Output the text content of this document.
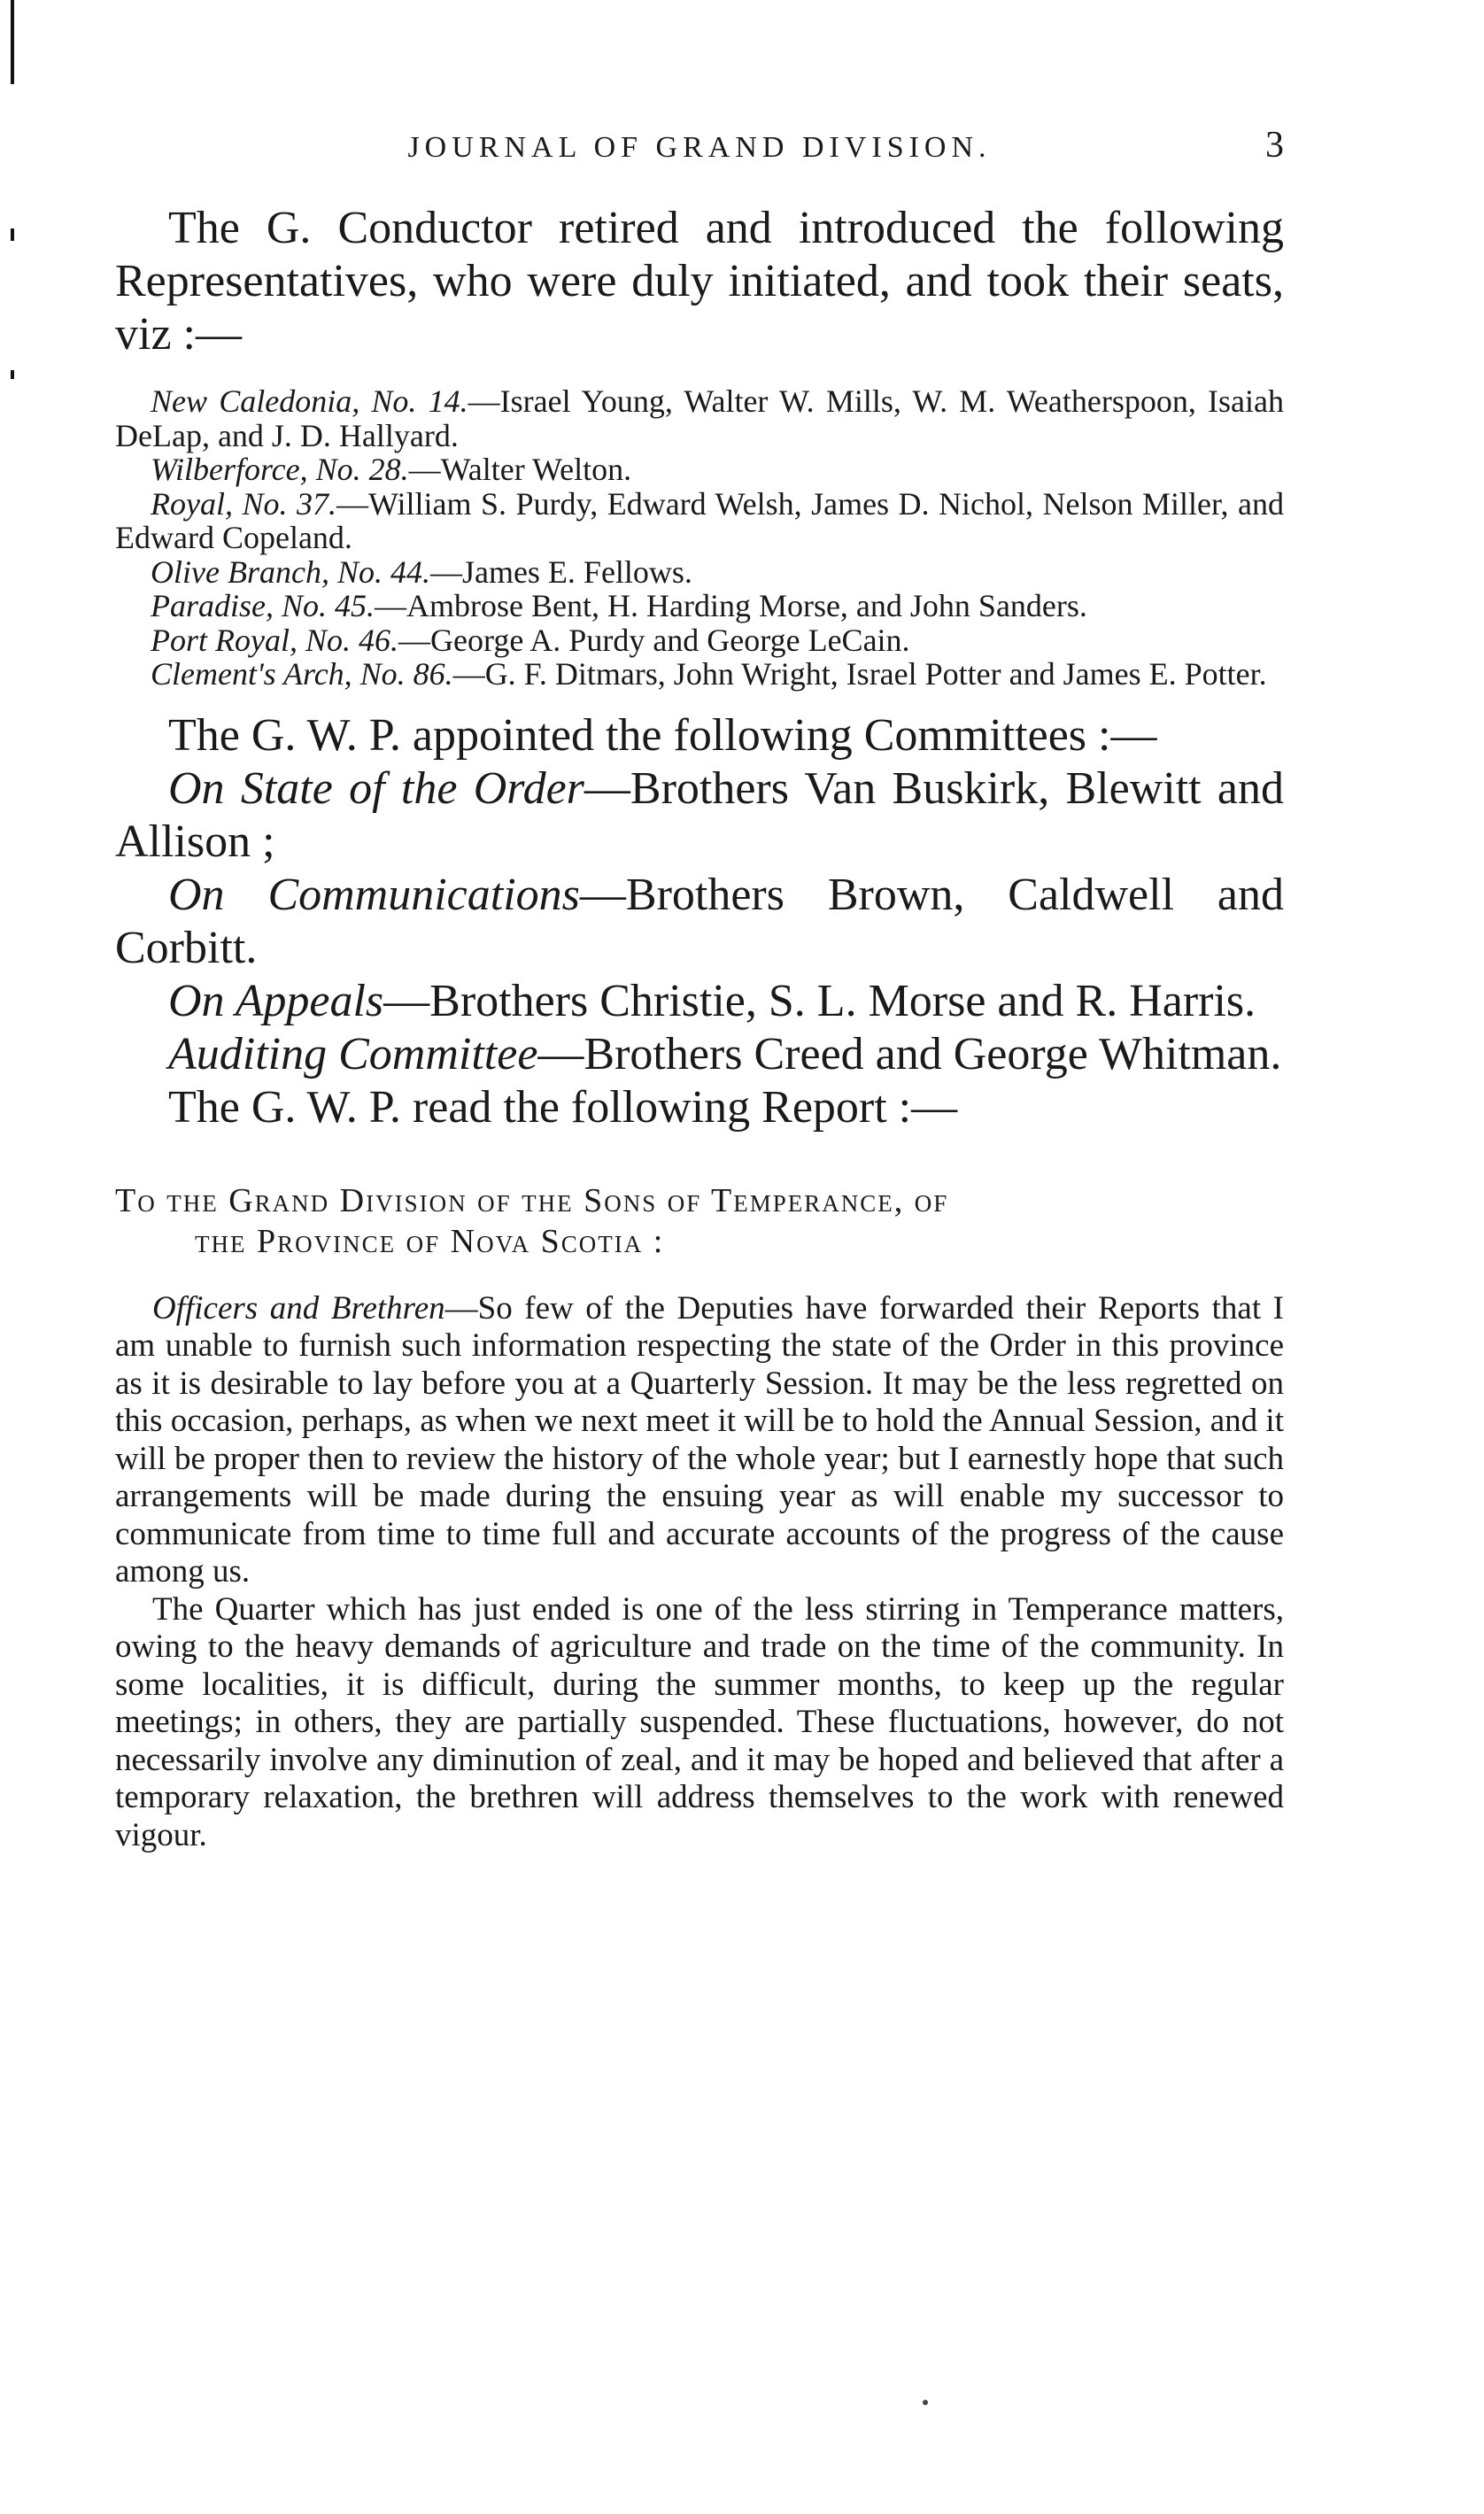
JOURNAL OF GRAND DIVISION.	3

The G. Conductor retired and introduced the following Representatives, who were duly initiated, and took their seats, viz :—

New Caledonia, No. 14.—Israel Young, Walter W. Mills, W. M. Weatherspoon, Isaiah DeLap, and J. D. Hallyard.

Wilberforce, No. 28.—Walter Welton.

Royal, No. 37.—William S. Purdy, Edward Welsh, James D. Nichol, Nelson Miller, and Edward Copeland.

Olive Branch, No. 44.—James E. Fellows.

Paradise, No. 45.—Ambrose Bent, H. Harding Morse, and John Sanders.

Port Royal, No. 46.—George A. Purdy and George LeCain.

Clement's Arch, No. 86.—G. F. Ditmars, John Wright, Israel Potter and James E. Potter.

The G. W. P. appointed the following Committees :—

On State of the Order—Brothers Van Buskirk, Blewitt and Allison ;

On Communications—Brothers Brown, Caldwell and Corbitt.

On Appeals—Brothers Christie, S. L. Morse and R. Harris.

Auditing Committee—Brothers Creed and George Whitman.

The G. W. P. read the following Report :—

To the Grand Division of the Sons of Temperance, of
the Province of Nova Scotia :

Officers and Brethren—So few of the Deputies have forwarded their Reports that I am unable to furnish such information respecting the state of the Order in this province as it is desirable to lay before you at a Quarterly Session. It may be the less regretted on this occasion, perhaps, as when we next meet it will be to hold the Annual Session, and it will be proper then to review the history of the whole year; but I earnestly hope that such arrangements will be made during the ensuing year as will enable my successor to communicate from time to time full and accurate accounts of the progress of the cause among us.

The Quarter which has just ended is one of the less stirring in Temperance matters, owing to the heavy demands of agriculture and trade on the time of the community. In some localities, it is difficult, during the summer months, to keep up the regular meetings; in others, they are partially suspended. These fluctuations, however, do not necessarily involve any diminution of zeal, and it may be hoped and believed that after a temporary relaxation, the brethren will address themselves to the work with renewed vigour.
